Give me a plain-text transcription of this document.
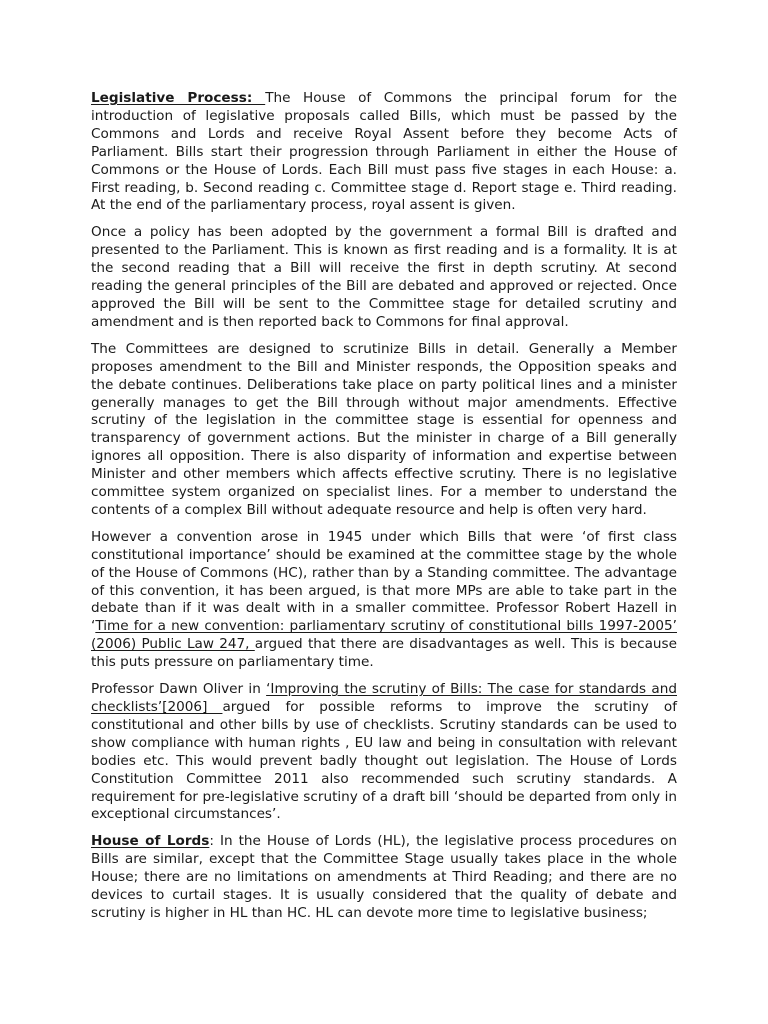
Legislative Process: The House of Commons the principal forum for the introduction of legislative proposals called Bills, which must be passed by the Commons and Lords and receive Royal Assent before they become Acts of Parliament. Bills start their progression through Parliament in either the House of Commons or the House of Lords. Each Bill must pass five stages in each House: a. First reading, b. Second reading c. Committee stage d. Report stage e. Third reading. At the end of the parliamentary process, royal assent is given.

Once a policy has been adopted by the government a formal Bill is drafted and presented to the Parliament. This is known as first reading and is a formality. It is at the second reading that a Bill will receive the first in depth scrutiny. At second reading the general principles of the Bill are debated and approved or rejected. Once approved the Bill will be sent to the Committee stage for detailed scrutiny and amendment and is then reported back to Commons for final approval.

The Committees are designed to scrutinize Bills in detail. Generally a Member proposes amendment to the Bill and Minister responds, the Opposition speaks and the debate continues. Deliberations take place on party political lines and a minister generally manages to get the Bill through without major amendments. Effective scrutiny of the legislation in the committee stage is essential for openness and transparency of government actions. But the minister in charge of a Bill generally ignores all opposition. There is also disparity of information and expertise between Minister and other members which affects effective scrutiny. There is no legislative committee system organized on specialist lines. For a member to understand the contents of a complex Bill without adequate resource and help is often very hard.

However a convention arose in 1945 under which Bills that were ‘of first class constitutional importance’ should be examined at the committee stage by the whole of the House of Commons (HC), rather than by a Standing committee. The advantage of this convention, it has been argued, is that more MPs are able to take part in the debate than if it was dealt with in a smaller committee. Professor Robert Hazell in ‘Time for a new convention: parliamentary scrutiny of constitutional bills 1997-2005’ (2006) Public Law 247, argued that there are disadvantages as well. This is because this puts pressure on parliamentary time.

Professor Dawn Oliver in ‘Improving the scrutiny of Bills: The case for standards and checklists’[2006] argued for possible reforms to improve the scrutiny of constitutional and other bills by use of checklists. Scrutiny standards can be used to show compliance with human rights , EU law and being in consultation with relevant bodies etc. This would prevent badly thought out legislation. The House of Lords Constitution Committee 2011 also recommended such scrutiny standards. A requirement for pre-legislative scrutiny of a draft bill ‘should be departed from only in exceptional circumstances’.

House of Lords: In the House of Lords (HL), the legislative process procedures on Bills are similar, except that the Committee Stage usually takes place in the whole House; there are no limitations on amendments at Third Reading; and there are no devices to curtail stages. It is usually considered that the quality of debate and scrutiny is higher in HL than HC. HL can devote more time to legislative business;
